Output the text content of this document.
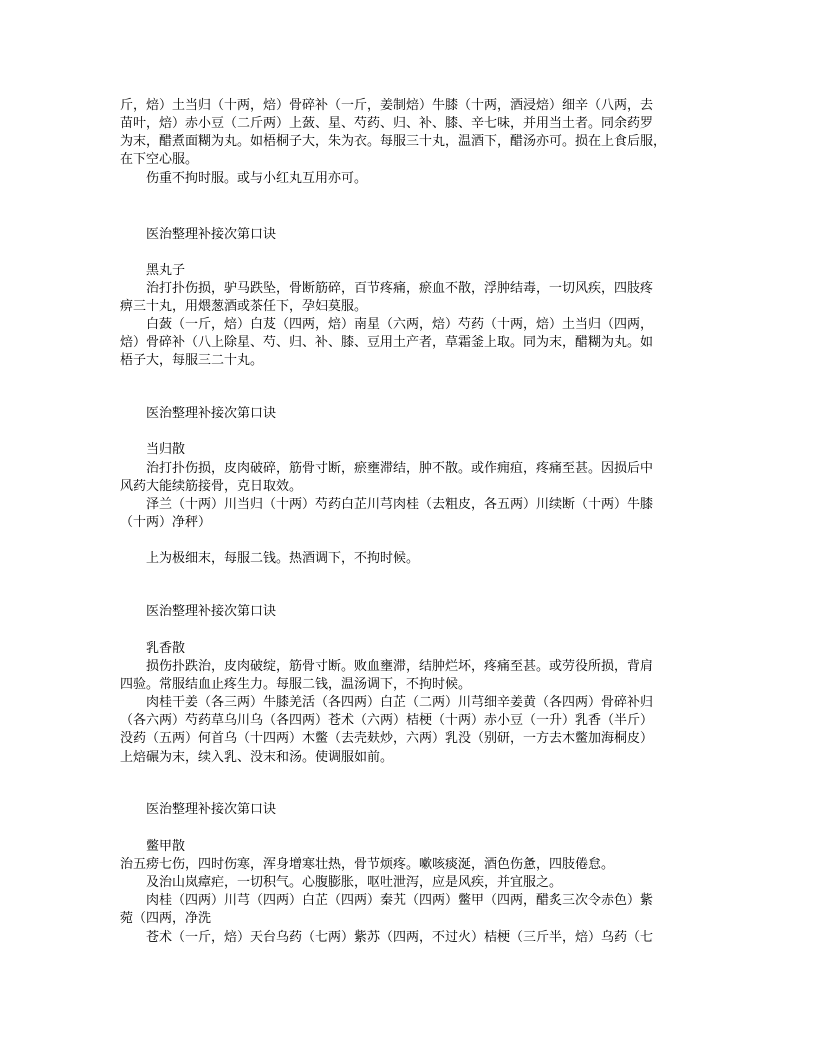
斤，焙）土当归（十两，焙）骨碎补（一斤，姜制焙）牛膝（十两，酒浸焙）细辛（八两，去
苗叶，焙）赤小豆（二斤两）上蔹、星、芍药、归、补、膝、辛七味，并用当土者。同余药罗
为末，醋煮面糊为丸。如梧桐子大，朱为衣。每服三十丸，温酒下，醋汤亦可。损在上食后服，
在下空心服。
伤重不拘时服。或与小红丸互用亦可。
医治整理补接次第口诀
黑丸子
治打扑伤损，驴马跌坠，骨断筋碎，百节疼痛，瘀血不散，浮肿结毒，一切风疾，四肢疼
痹三十丸，用煨葱酒或茶任下，孕妇莫服。
白蔹（一斤，焙）白芨（四两，焙）南星（六两，焙）芍药（十两，焙）土当归（四两，
焙）骨碎补（八上除星、芍、归、补、膝、豆用土产者，草霜釜上取。同为末，醋糊为丸。如
梧子大，每服三二十丸。
医治整理补接次第口诀
当归散
治打扑伤损，皮肉破碎，筋骨寸断，瘀壅滞结，肿不散。或作痈疽，疼痛至甚。因损后中
风药大能续筋接骨，克日取效。
泽兰（十两）川当归（十两）芍药白芷川芎肉桂（去粗皮，各五两）川续断（十两）牛膝
（十两）净秤）
上为极细末，每服二钱。热酒调下，不拘时候。
医治整理补接次第口诀
乳香散
损伤扑跌治，皮肉破绽，筋骨寸断。败血壅滞，结肿烂坏，疼痛至甚。或劳役所损，背肩
四验。常服结血止疼生力。每服二钱，温汤调下，不拘时候。
肉桂干姜（各三两）牛膝羌活（各四两）白芷（二两）川芎细辛姜黄（各四两）骨碎补归
（各六两）芍药草乌川乌（各四两）苍术（六两）桔梗（十两）赤小豆（一升）乳香（半斤）
没药（五两）何首乌（十四两）木鳖（去壳麸炒，六两）乳没（别研，一方去木鳖加海桐皮）
上焙碾为末，续入乳、没末和汤。使调服如前。
医治整理补接次第口诀
鳖甲散
治五痨七伤，四时伤寒，浑身增寒壮热，骨节烦疼。嗽咳痰涎，酒色伤惫，四肢倦怠。
及治山岚瘴疟，一切积气。心腹膨胀，呕吐泄泻，应是风疾，并宜服之。
肉桂（四两）川芎（四两）白芷（四两）秦艽（四两）鳖甲（四两，醋炙三次令赤色）紫
菀（四两，净洗
苍术（一斤，焙）天台乌药（七两）紫苏（四两，不过火）桔梗（三斤半，焙）乌药（七
